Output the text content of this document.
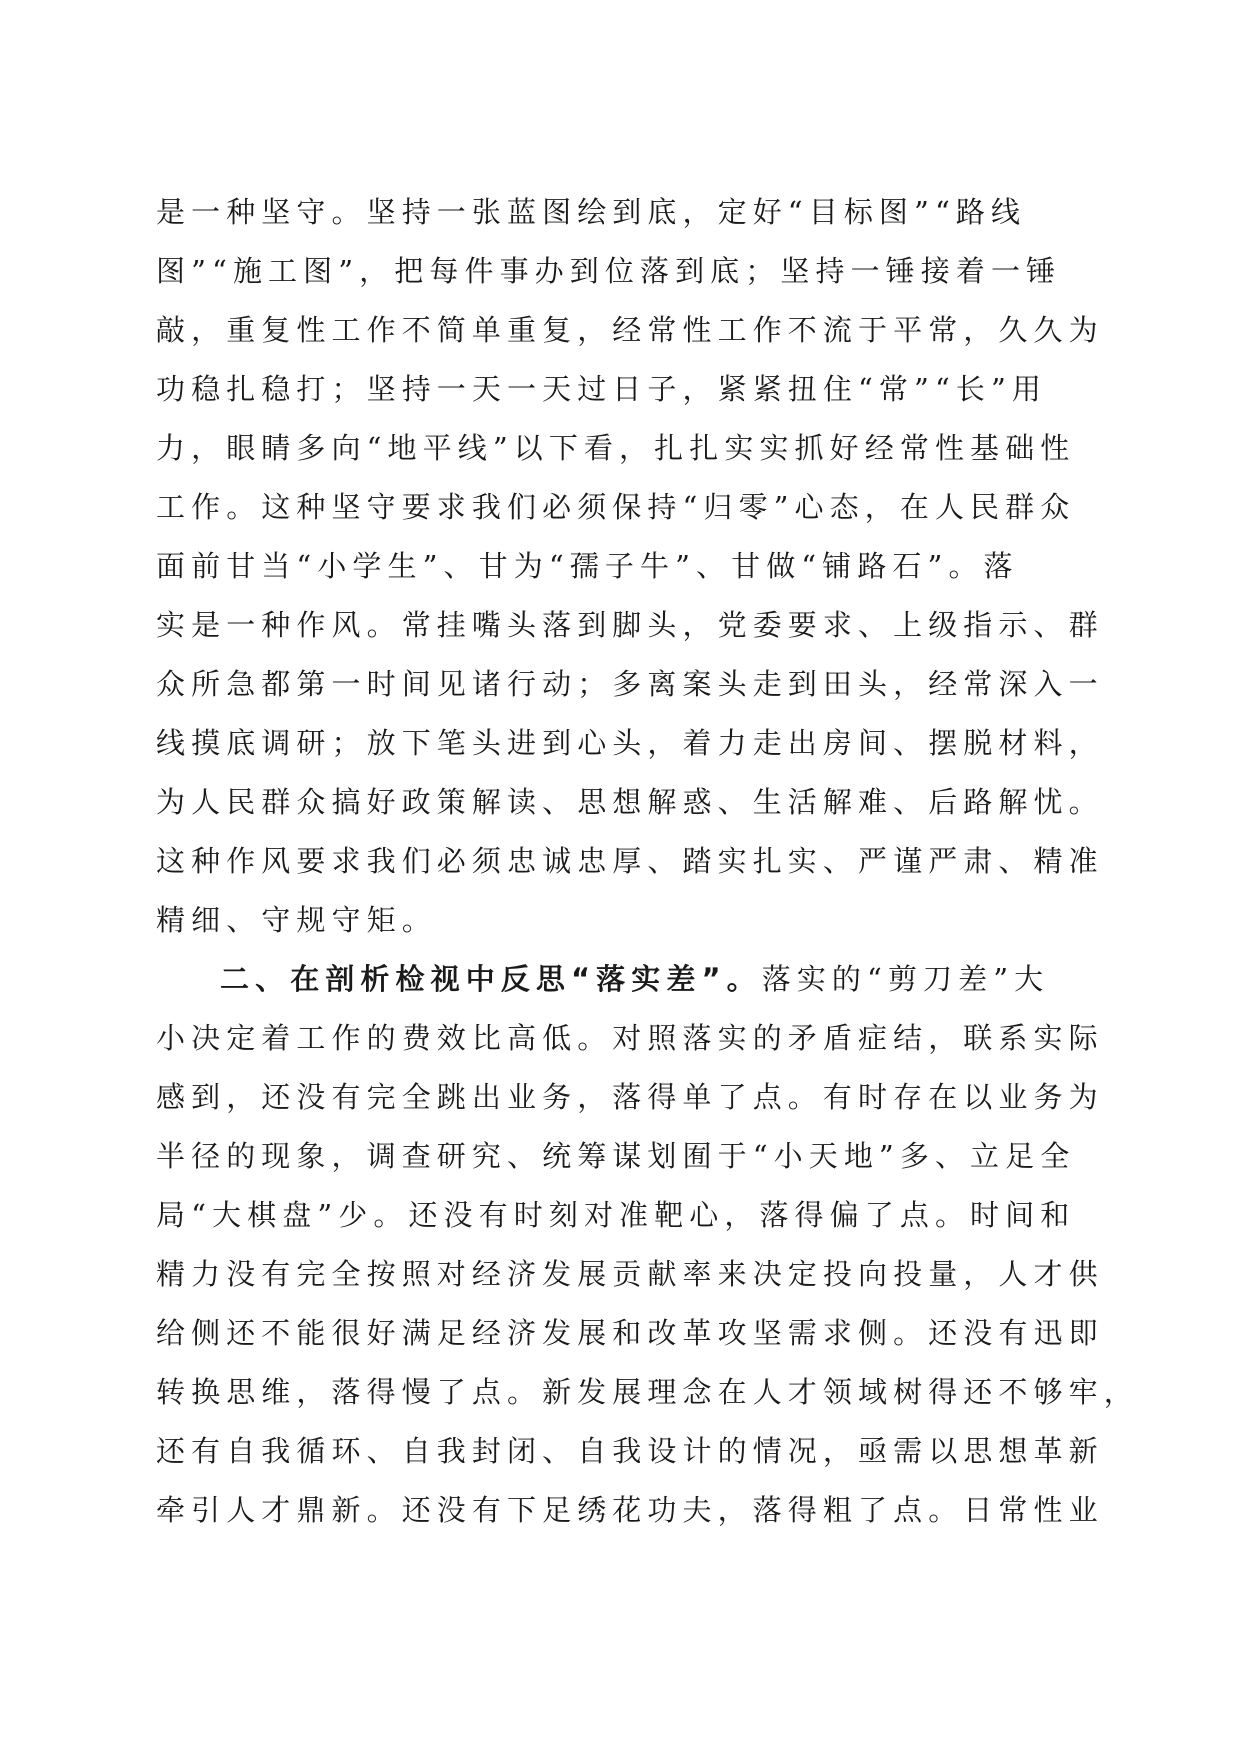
是一种坚守。坚持一张蓝图绘到底，定好“目标图”“路线
图”“施工图”，把每件事办到位落到底；坚持一锤接着一锤
敲，重复性工作不简单重复，经常性工作不流于平常，久久为
功稳扎稳打；坚持一天一天过日子，紧紧扭住“常”“长”用
力，眼睛多向“地平线”以下看，扎扎实实抓好经常性基础性
工作。这种坚守要求我们必须保持“归零”心态，在人民群众
面前甘当“小学生”、甘为“孺子牛”、甘做“铺路石”。落
实是一种作风。常挂嘴头落到脚头，党委要求、上级指示、群
众所急都第一时间见诸行动；多离案头走到田头，经常深入一
线摸底调研；放下笔头进到心头，着力走出房间、摆脱材料，
为人民群众搞好政策解读、思想解惑、生活解难、后路解忧。
这种作风要求我们必须忠诚忠厚、踏实扎实、严谨严肃、精准
精细、守规守矩。
二、在剖析检视中反思“落实差”。落实的“剪刀差”大
小决定着工作的费效比高低。对照落实的矛盾症结，联系实际
感到，还没有完全跳出业务，落得单了点。有时存在以业务为
半径的现象，调查研究、统筹谋划囿于“小天地”多、立足全
局“大棋盘”少。还没有时刻对准靶心，落得偏了点。时间和
精力没有完全按照对经济发展贡献率来决定投向投量，人才供
给侧还不能很好满足经济发展和改革攻坚需求侧。还没有迅即
转换思维，落得慢了点。新发展理念在人才领域树得还不够牢，
还有自我循环、自我封闭、自我设计的情况，亟需以思想革新
牵引人才鼎新。还没有下足绣花功夫，落得粗了点。日常性业
